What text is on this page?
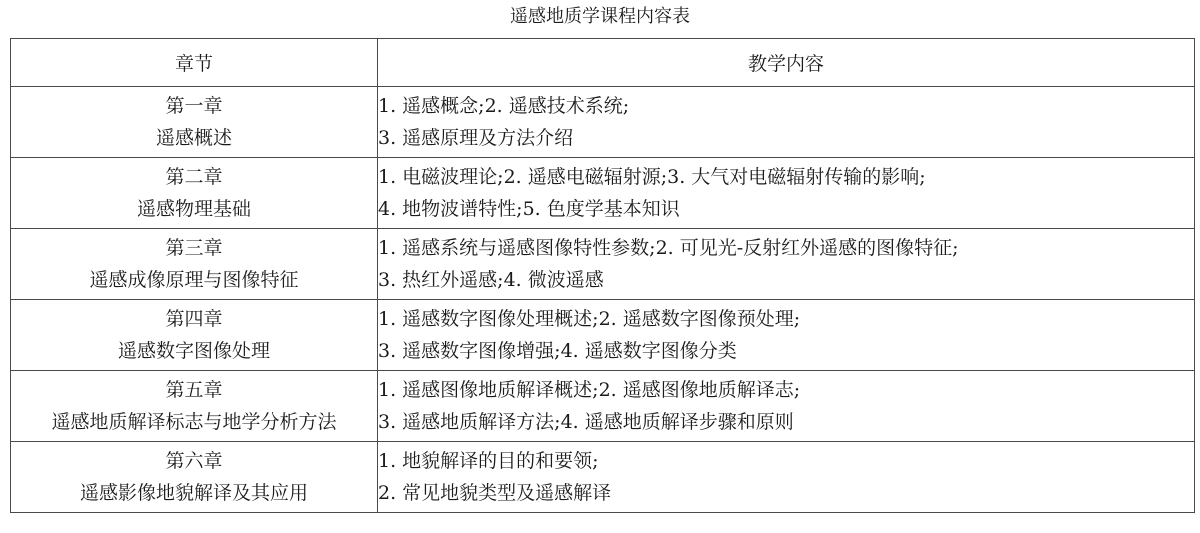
遥感地质学课程内容表
章节	教学内容

第一章
遥感概述	1. 遥感概念;2. 遥感技术系统;
3. 遥感原理及方法介绍

第二章
遥感物理基础	1. 电磁波理论;2. 遥感电磁辐射源;3. 大气对电磁辐射传输的影响;
4. 地物波谱特性;5. 色度学基本知识

第三章
遥感成像原理与图像特征	1. 遥感系统与遥感图像特性参数;2. 可见光-反射红外遥感的图像特征;
3. 热红外遥感;4. 微波遥感

第四章
遥感数字图像处理	1. 遥感数字图像处理概述;2. 遥感数字图像预处理;
3. 遥感数字图像增强;4. 遥感数字图像分类

第五章
遥感地质解译标志与地学分析方法	1. 遥感图像地质解译概述;2. 遥感图像地质解译志;
3. 遥感地质解译方法;4. 遥感地质解译步骤和原则

第六章
遥感影像地貌解译及其应用	1. 地貌解译的目的和要领;
2. 常见地貌类型及遥感解译
